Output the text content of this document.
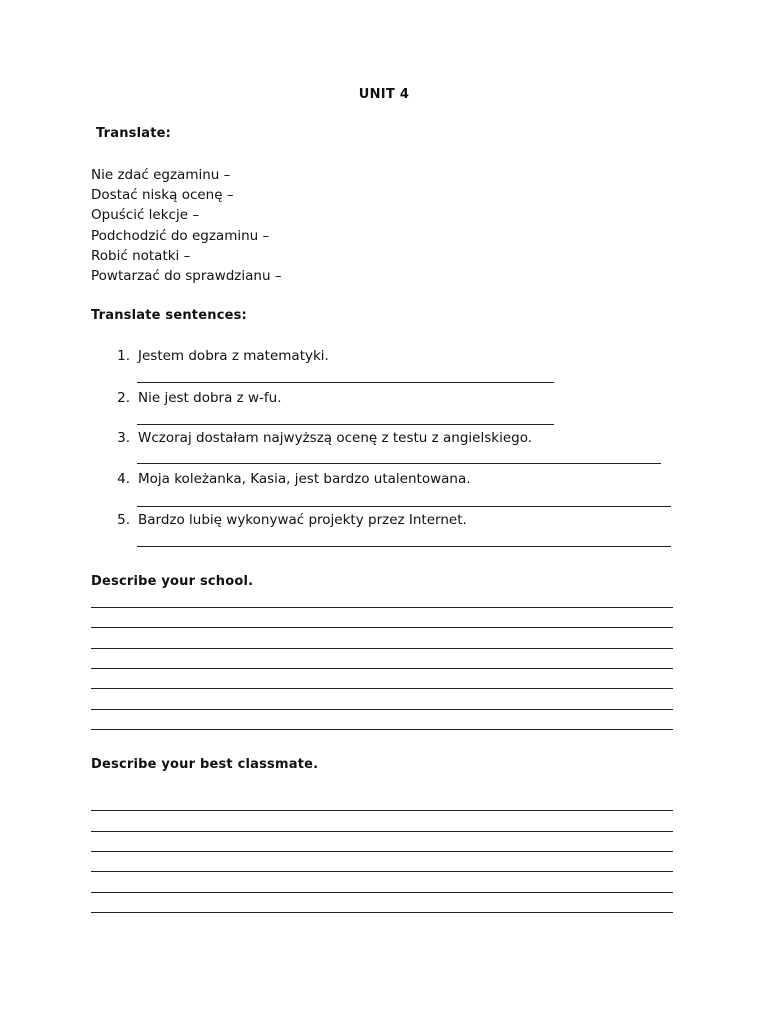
UNIT 4
Translate:
Nie zdać egzaminu –
Dostać niską ocenę –
Opuścić lekcje –
Podchodzić do egzaminu –
Robić notatki –
Powtarzać do sprawdzianu –
Translate sentences:
1. Jestem dobra z matematyki.
2. Nie jest dobra z w-fu.
3. Wczoraj dostałam najwyższą ocenę z testu z angielskiego.
4. Moja koleżanka, Kasia, jest bardzo utalentowana.
5. Bardzo lubię wykonywać projekty przez Internet.
Describe your school.
Describe your best classmate.
